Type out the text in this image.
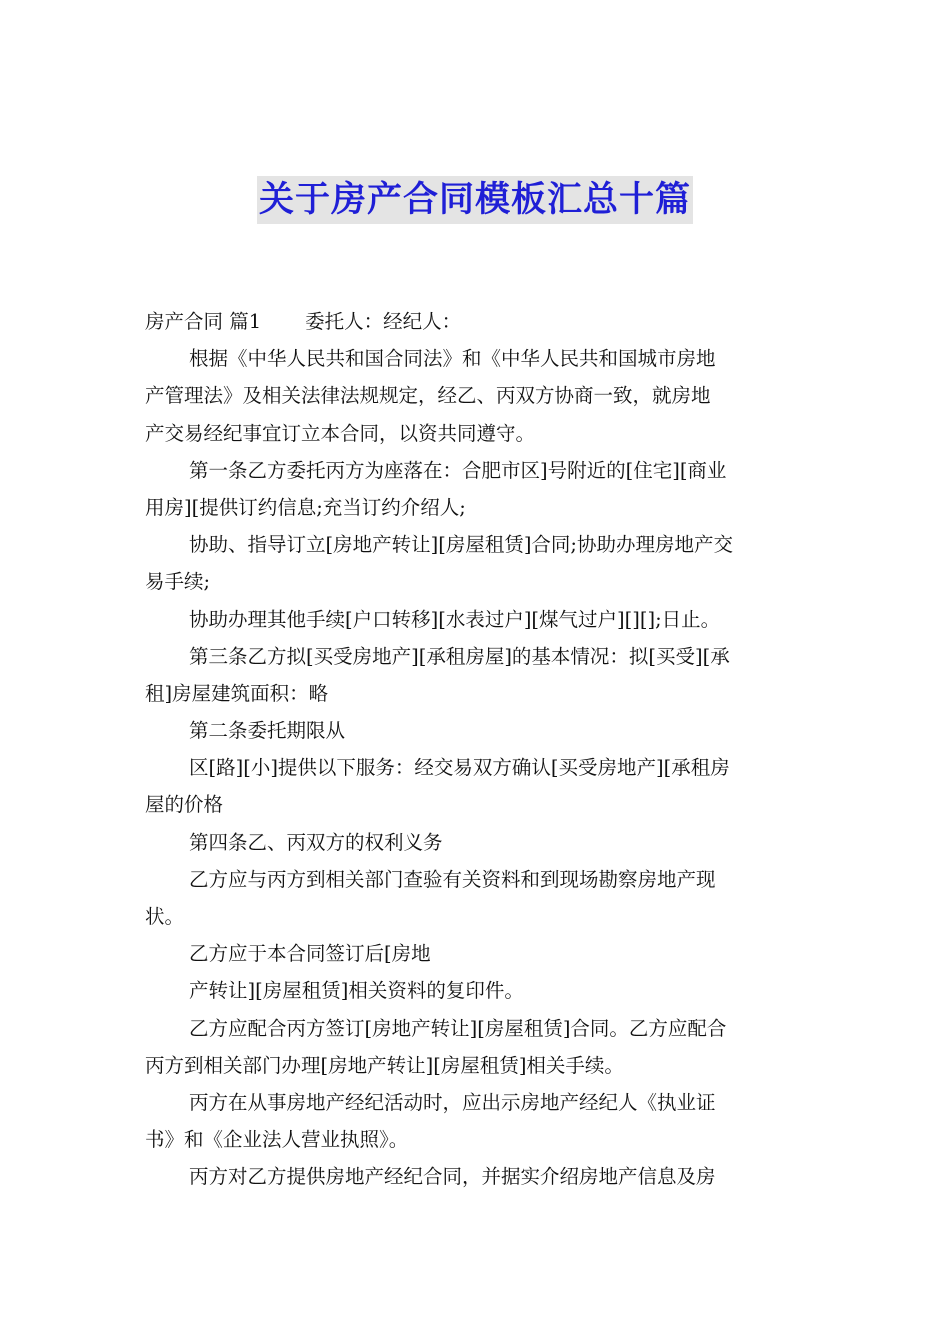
关于房产合同模板汇总十篇
房产合同 篇1 委托人：经纪人：
根据《中华人民共和国合同法》和《中华人民共和国城市房地
产管理法》及相关法律法规规定，经乙、丙双方协商一致，就房地
产交易经纪事宜订立本合同，以资共同遵守。
第一条乙方委托丙方为座落在：合肥市区]号附近的[住宅][商业
用房][提供订约信息;充当订约介绍人;
协助、指导订立[房地产转让][房屋租赁]合同;协助办理房地产交
易手续;
协助办理其他手续[户口转移][水表过户][煤气过户][][];日止。
第三条乙方拟[买受房地产][承租房屋]的基本情况：拟[买受][承
租]房屋建筑面积：略
第二条委托期限从
区[路][小]提供以下服务：经交易双方确认[买受房地产][承租房
屋的价格
第四条乙、丙双方的权利义务
乙方应与丙方到相关部门查验有关资料和到现场勘察房地产现
状。
乙方应于本合同签订后[房地
产转让][房屋租赁]相关资料的复印件。
乙方应配合丙方签订[房地产转让][房屋租赁]合同。乙方应配合
丙方到相关部门办理[房地产转让][房屋租赁]相关手续。
丙方在从事房地产经纪活动时，应出示房地产经纪人《执业证
书》和《企业法人营业执照》。
丙方对乙方提供房地产经纪合同，并据实介绍房地产信息及房
